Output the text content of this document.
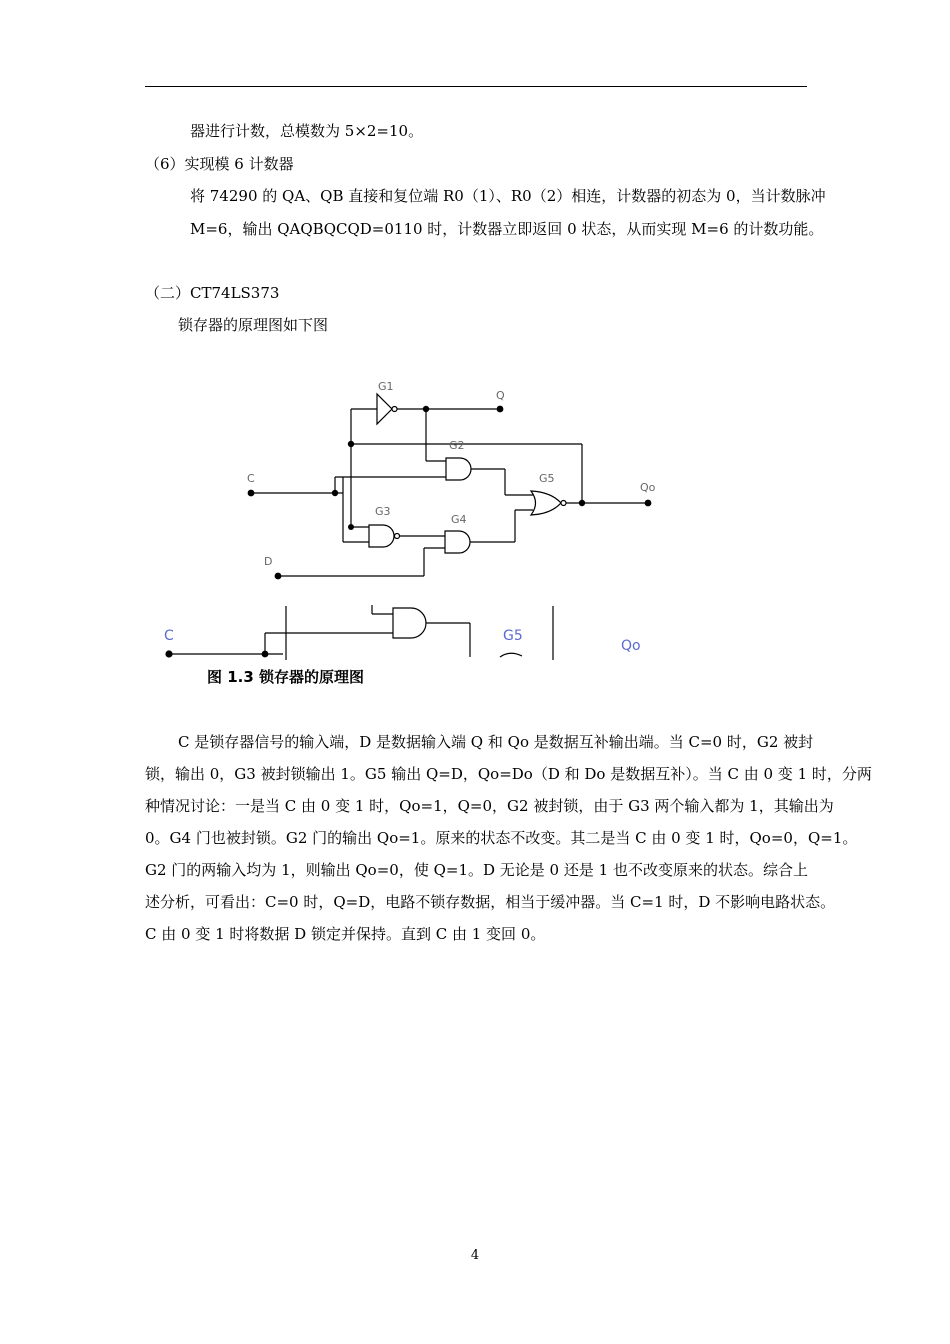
器进行计数，总模数为 5×2=10。
（6）实现模 6 计数器
将 74290 的 QA、QB 直接和复位端 R0（1）、R0（2）相连，计数器的初态为 0，当计数脉冲
M=6，输出 QAQBQCQD=0110 时，计数器立即返回 0 状态，从而实现 M=6 的计数功能。
（二）CT74LS373
锁存器的原理图如下图
G1
Q
G2
C	G5
Qo
G3
G4
D
C	G5
Qo
图 1.3 锁存器的原理图
C 是锁存器信号的输入端，D 是数据输入端 Q 和 Qo 是数据互补输出端。当 C=0 时，G2 被封
锁，输出 0，G3 被封锁输出 1。G5 输出 Q=D，Qo=Do（D 和 Do 是数据互补）。当 C 由 0 变 1 时，分两
种情况讨论：一是当 C 由 0 变 1 时，Qo=1，Q=0，G2 被封锁，由于 G3 两个输入都为 1，其输出为
0。G4 门也被封锁。G2 门的输出 Qo=1。原来的状态不改变。其二是当 C 由 0 变 1 时，Qo=0，Q=1。
G2 门的两输入均为 1，则输出 Qo=0，使 Q=1。D 无论是 0 还是 1 也不改变原来的状态。综合上
述分析，可看出：C=0 时，Q=D，电路不锁存数据，相当于缓冲器。当 C=1 时，D 不影响电路状态。
C 由 0 变 1 时将数据 D 锁定并保持。直到 C 由 1 变回 0。
4
